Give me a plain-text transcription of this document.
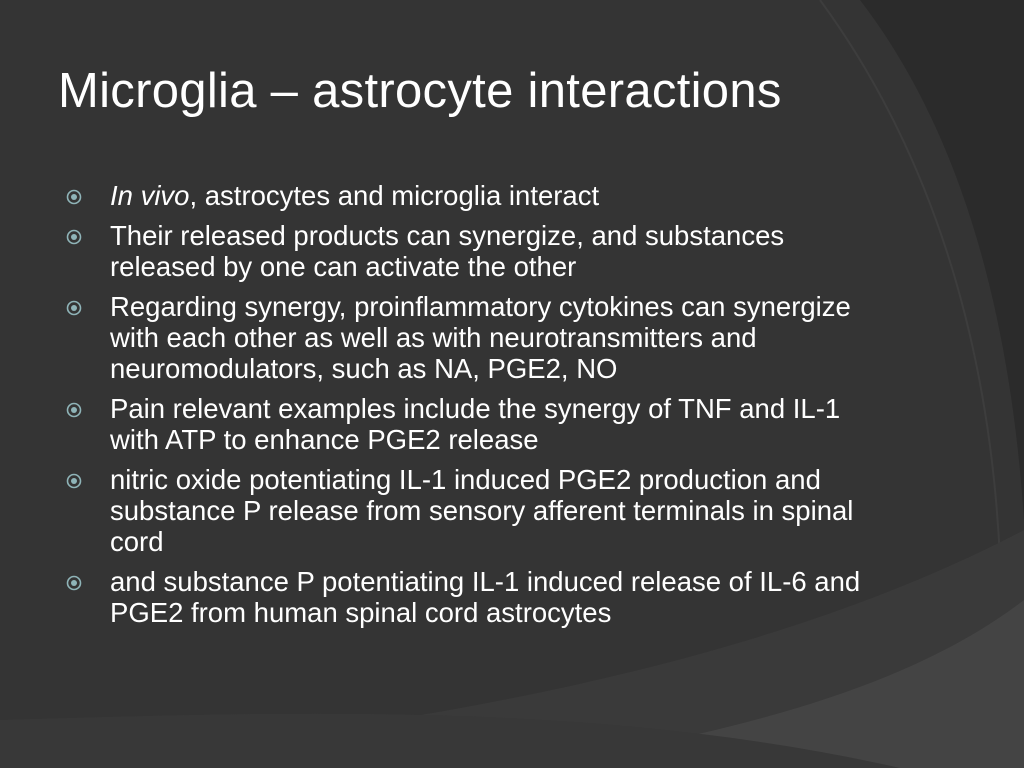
Microglia – astrocyte interactions
In vivo, astrocytes and microglia interact
Their released products can synergize, and substances released by one can activate the other
Regarding synergy, proinflammatory cytokines can synergize with each other as well as with neurotransmitters and neuromodulators, such as NA, PGE2, NO
Pain relevant examples include the synergy of TNF and IL-1 with ATP to enhance PGE2 release
nitric oxide potentiating IL-1 induced PGE2 production and substance P release from sensory afferent terminals in spinal cord
and substance P potentiating IL-1 induced release of IL-6 and PGE2 from human spinal cord astrocytes
